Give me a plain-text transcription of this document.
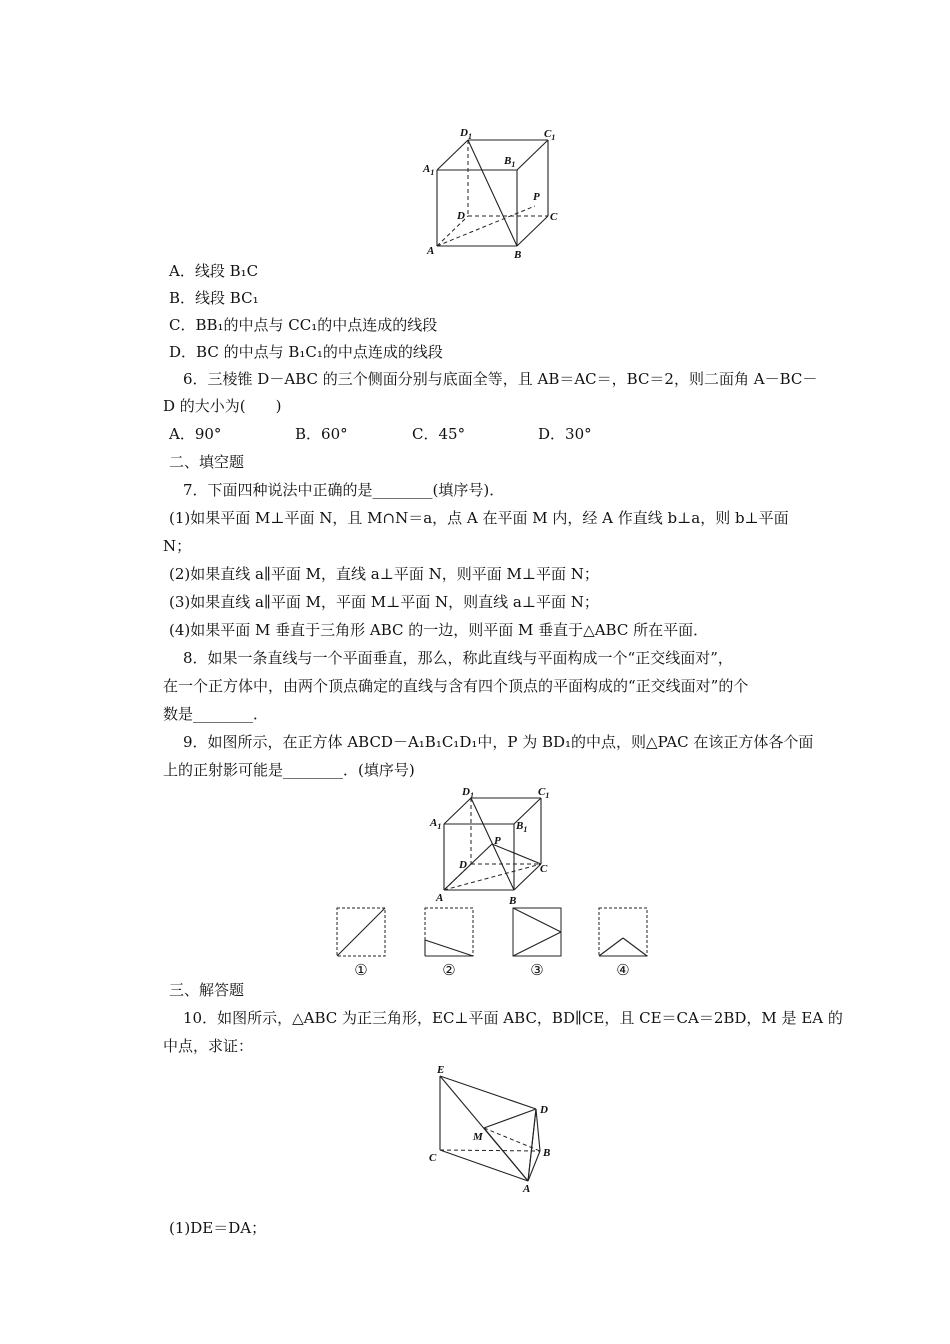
$D_1$	$C_1$
$A_1$
$B_1$
P
D	C
A	B
A．线段 B₁C
B．线段 BC₁
C．BB₁的中点与 CC₁的中点连成的线段
D．BC 的中点与 B₁C₁的中点连成的线段
6．三棱锥 D－ABC 的三个侧面分别与底面全等，且 AB＝AC＝，BC＝2，则二面角 A－BC－
D 的大小为(　　)
A．90°	B．60°	C．45°	D．30°
二、填空题
7．下面四种说法中正确的是________(填序号)．
(1)如果平面 M⊥平面 N，且 M∩N＝a，点 A 在平面 M 内，经 A 作直线 b⊥a，则 b⊥平面
N；
(2)如果直线 a∥平面 M，直线 a⊥平面 N，则平面 M⊥平面 N；
(3)如果直线 a∥平面 M，平面 M⊥平面 N，则直线 a⊥平面 N；
(4)如果平面 M 垂直于三角形 ABC 的一边，则平面 M 垂直于△ABC 所在平面．
8．如果一条直线与一个平面垂直，那么，称此直线与平面构成一个“正交线面对”，
在一个正方体中，由两个顶点确定的直线与含有四个顶点的平面构成的“正交线面对”的个
数是________．
9．如图所示，在正方体 ABCD－A₁B₁C₁D₁中，P 为 BD₁的中点，则△PAC 在该正方体各个面
上的正射影可能是________．(填序号)
$D_1$	$C_1$
$A_1$	$B_1$
P
D	C
A	B
①	②	③	④
三、解答题
10．如图所示，△ABC 为正三角形，EC⊥平面 ABC，BD∥CE，且 CE＝CA＝2BD，M 是 EA 的
中点，求证：
E
D
M
C	B
A
(1)DE＝DA；
